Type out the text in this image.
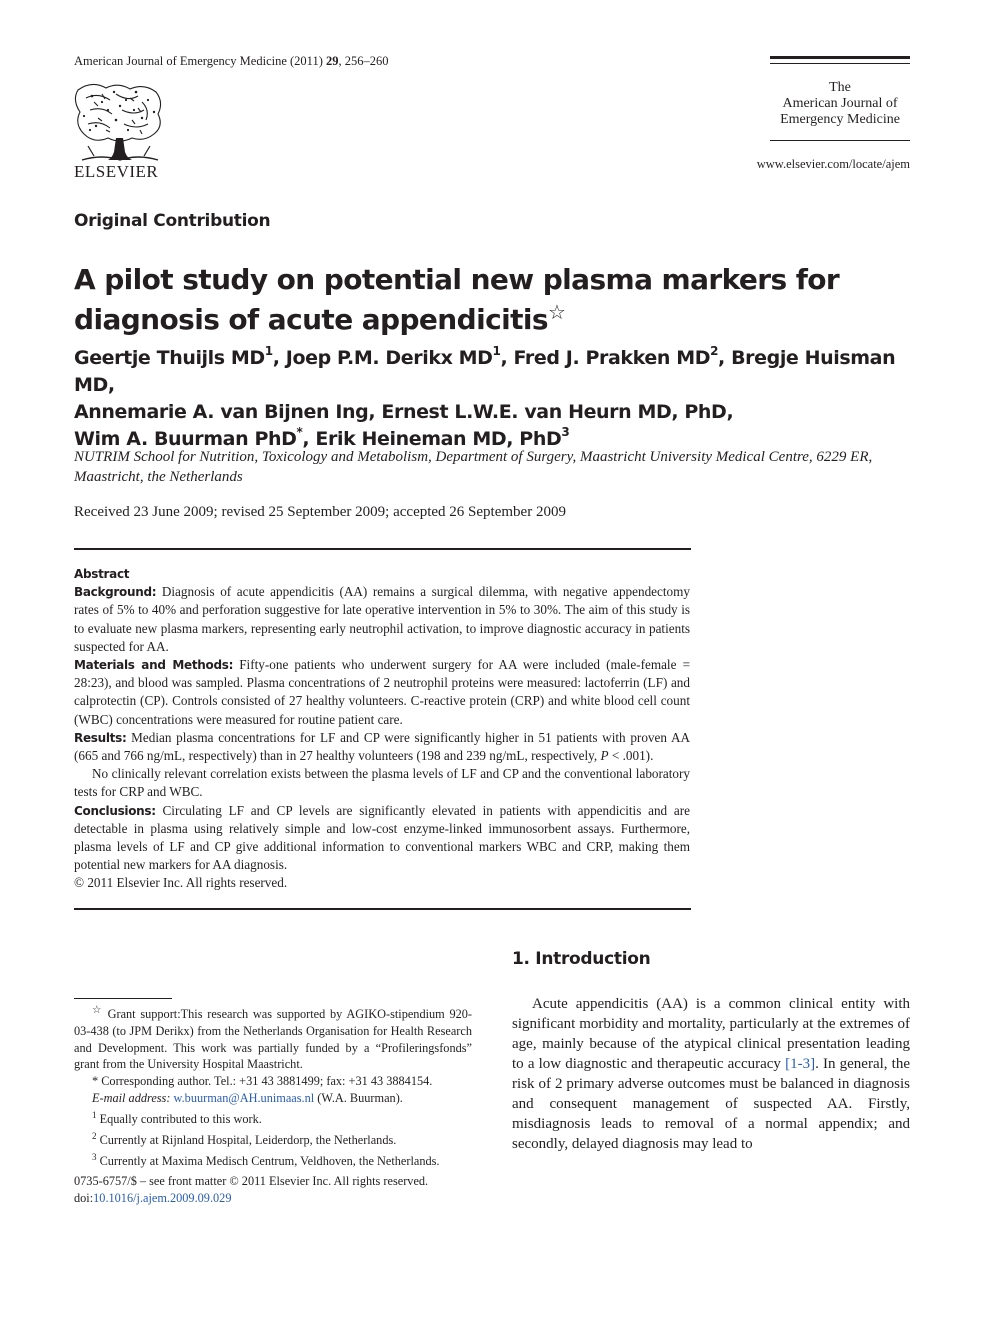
American Journal of Emergency Medicine (2011) 29, 256–260
ELSEVIER
The
American Journal of
Emergency Medicine
www.elsevier.com/locate/ajem
Original Contribution
A pilot study on potential new plasma markers for diagnosis of acute appendicitis☆
Geertje Thuijls $MD^1$, Joep P.M. Derikx $MD^1$, Fred J. Prakken $MD^2$, Bregje Huisman MD,
Annemarie A. van Bijnen Ing, Ernest L.W.E. van Heurn MD, PhD,
Wim A. Buurman PhD*, Erik Heineman MD, PhD$^3$
NUTRIM School for Nutrition, Toxicology and Metabolism, Department of Surgery, Maastricht University Medical Centre, 6229 ER, Maastricht, the Netherlands
Received 23 June 2009; revised 25 September 2009; accepted 26 September 2009

Abstract

Background: Diagnosis of acute appendicitis (AA) remains a surgical dilemma, with negative appendectomy rates of 5% to 40% and perforation suggestive for late operative intervention in 5% to 30%. The aim of this study is to evaluate new plasma markers, representing early neutrophil activation, to improve diagnostic accuracy in patients suspected for AA.

Materials and Methods: Fifty-one patients who underwent surgery for AA were included (male-female = 28:23), and blood was sampled. Plasma concentrations of 2 neutrophil proteins were measured: lactoferrin (LF) and calprotectin (CP). Controls consisted of 27 healthy volunteers. C-reactive protein (CRP) and white blood cell count (WBC) concentrations were measured for routine patient care.

Results: Median plasma concentrations for LF and CP were significantly higher in 51 patients with proven AA (665 and 766 ng/mL, respectively) than in 27 healthy volunteers (198 and 239 ng/mL, respectively, P < .001).

No clinically relevant correlation exists between the plasma levels of LF and CP and the conventional laboratory tests for CRP and WBC.

Conclusions: Circulating LF and CP levels are significantly elevated in patients with appendicitis and are detectable in plasma using relatively simple and low-cost enzyme-linked immunosorbent assays. Furthermore, plasma levels of LF and CP give additional information to conventional markers WBC and CRP, making them potential new markers for AA diagnosis.

© 2011 Elsevier Inc. All rights reserved.

1. Introduction

Acute appendicitis (AA) is a common clinical entity with significant morbidity and mortality, particularly at the extremes of age, mainly because of the atypical clinical presentation leading to a low diagnostic and therapeutic accuracy [1-3]. In general, the risk of 2 primary adverse outcomes must be balanced in diagnosis and consequent management of suspected AA. Firstly, misdiagnosis leads to removal of a normal appendix; and secondly, delayed diagnosis may lead to

☆ Grant support:This research was supported by AGIKO-stipendium 920-03-438 (to JPM Derikx) from the Netherlands Organisation for Health Research and Development. This work was partially funded by a “Profileringsfonds” grant from the University Hospital Maastricht.

* Corresponding author. Tel.: +31 43 3881499; fax: +31 43 3884154.

E-mail address: w.buurman@AH.unimaas.nl (W.A. Buurman).

$^1$ Equally contributed to this work.

$^2$ Currently at Rijnland Hospital, Leiderdorp, the Netherlands.

$^3$ Currently at Maxima Medisch Centrum, Veldhoven, the Netherlands.

0735-6757/$ – see front matter © 2011 Elsevier Inc. All rights reserved.

doi:10.1016/j.ajem.2009.09.029
